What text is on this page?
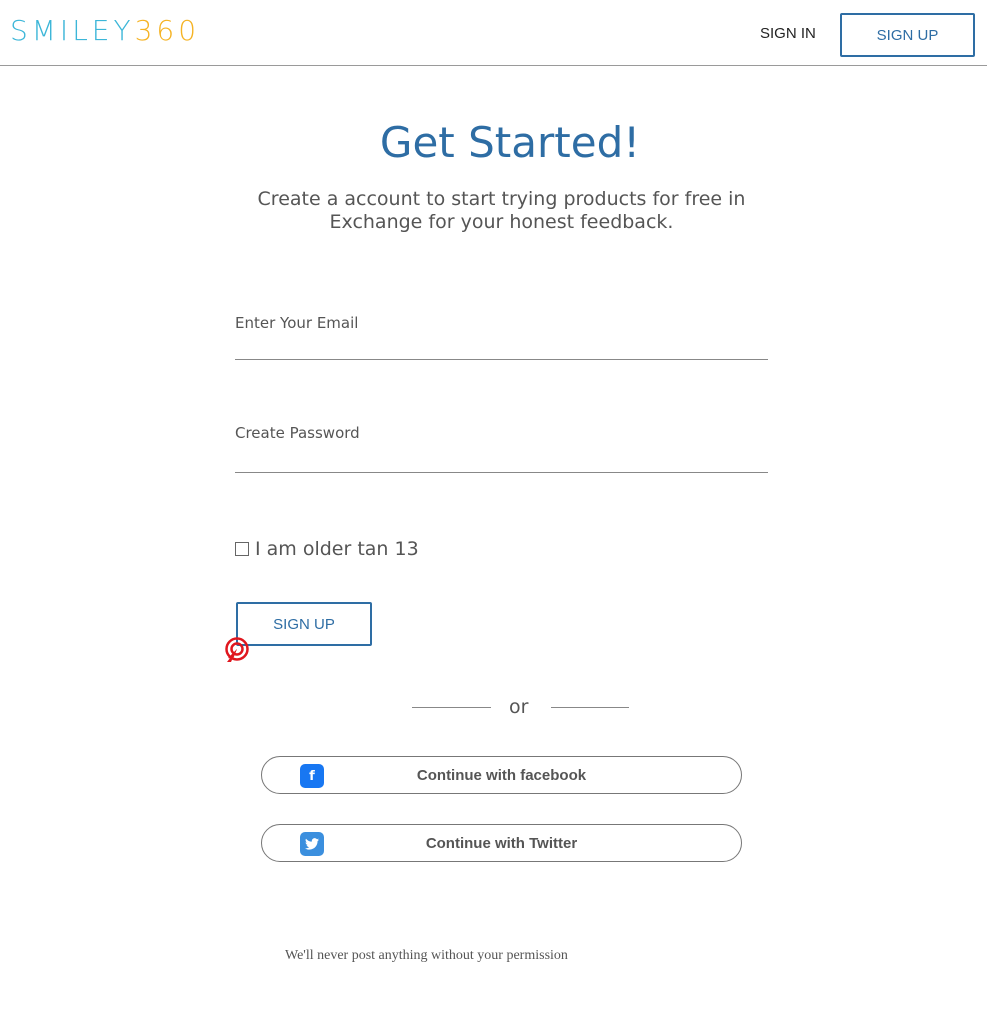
SMILEY360	SIGN IN	SIGN UP
Get Started!

Create a account to start trying products for free in Exchange for your honest feedback.

Enter Your Email
Create Password
I am older tan 13
SIGN UP
or
f	Continue with facebook
Continue with Twitter
We'll never post anything without your permission
